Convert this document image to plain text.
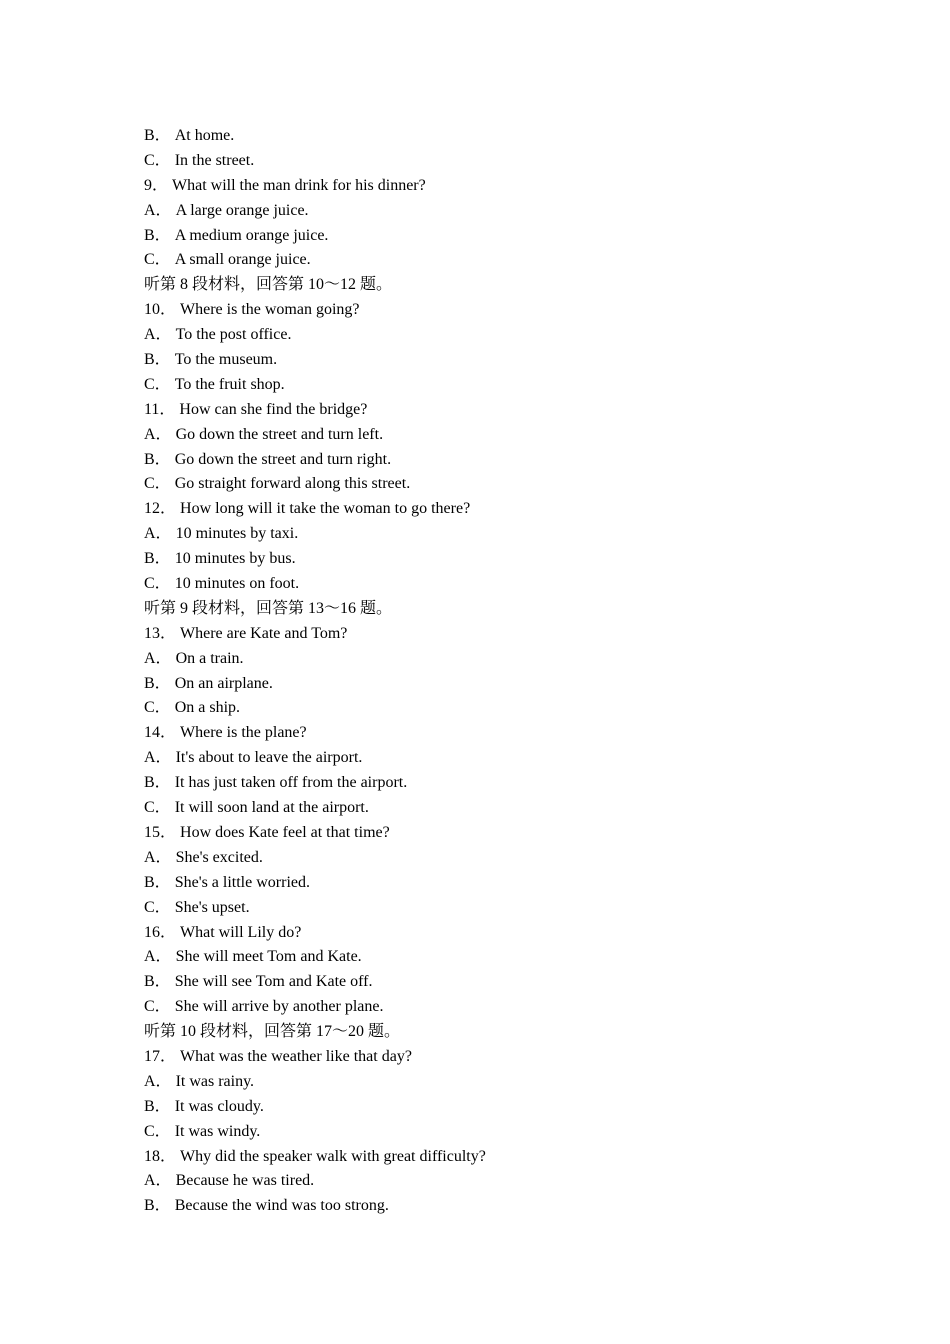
B． At home.
C． In the street.
9． What will the man drink for his dinner?
A． A large orange juice.
B． A medium orange juice.
C． A small orange juice.
听第 8 段材料，回答第 10～12 题。
10． Where is the woman going?
A． To the post office.
B． To the museum.
C． To the fruit shop.
11． How can she find the bridge?
A． Go down the street and turn left.
B． Go down the street and turn right.
C． Go straight forward along this street.
12． How long will it take the woman to go there?
A． 10 minutes by taxi.
B． 10 minutes by bus.
C． 10 minutes on foot.
听第 9 段材料，回答第 13～16 题。
13． Where are Kate and Tom?
A． On a train.
B． On an airplane.
C． On a ship.
14． Where is the plane?
A． It's about to leave the airport.
B． It has just taken off from the airport.
C． It will soon land at the airport.
15． How does Kate feel at that time?
A． She's excited.
B． She's a little worried.
C． She's upset.
16． What will Lily do?
A． She will meet Tom and Kate.
B． She will see Tom and Kate off.
C． She will arrive by another plane.
听第 10 段材料，回答第 17～20 题。
17． What was the weather like that day?
A． It was rainy.
B． It was cloudy.
C． It was windy.
18． Why did the speaker walk with great difficulty?
A． Because he was tired.
B． Because the wind was too strong.
